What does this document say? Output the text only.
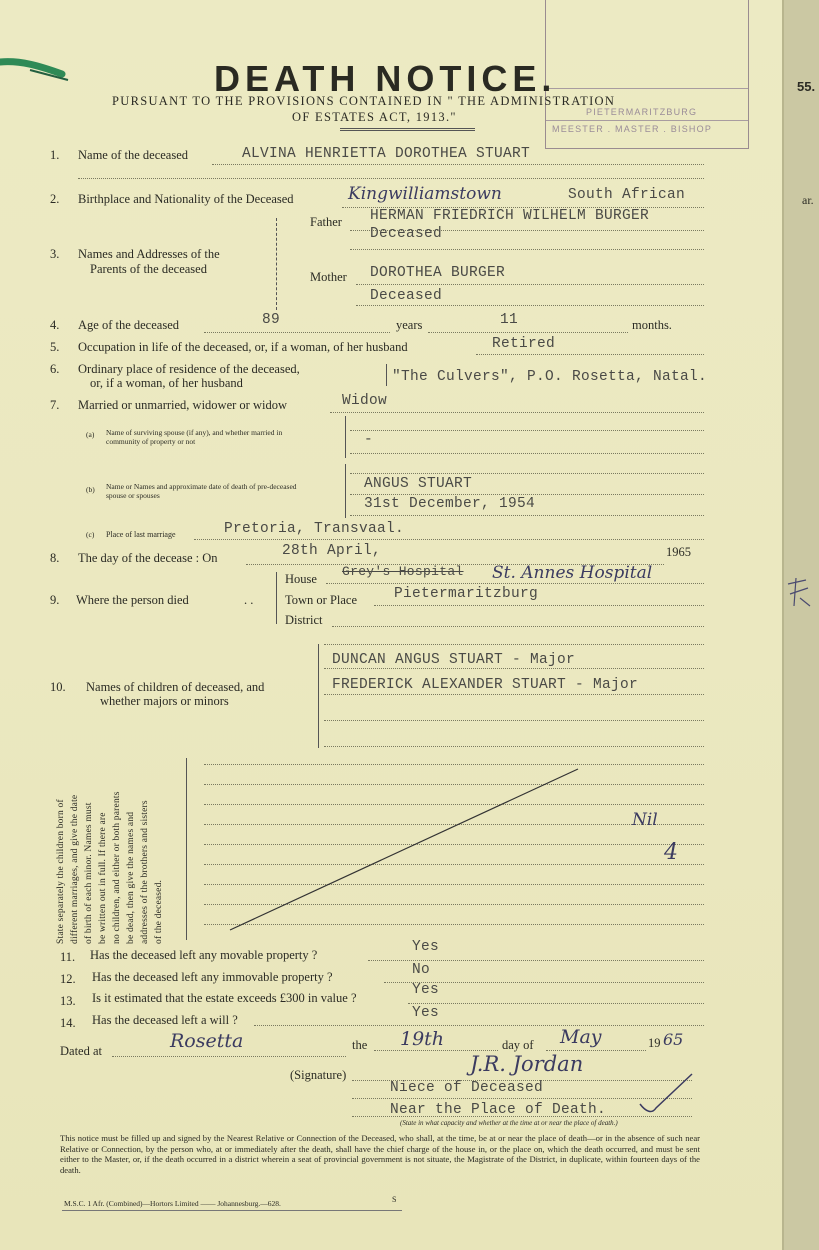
PIETERMARITZBURG
MEESTER . MASTER . BISHOP
55.
ar.
DEATH NOTICE.
PURSUANT TO THE PROVISIONS CONTAINED IN " THE ADMINISTRATION
OF ESTATES ACT, 1913."
1. Name of the deceased	ALVINA HENRIETTA DOROTHEA STUART
2. Birthplace and Nationality of the Deceased	Kingwilliamstown	South African
3. Names and Addresses of the
Parents of the deceased
Father HERMAN FRIEDRICH WILHELM BURGER
Deceased
Mother DOROTHEA BURGER
Deceased
4. Age of the deceased	89	years	11	months.
5. Occupation in life of the deceased, or, if a woman, of her husband	Retired
6. Ordinary place of residence of the deceased,
or, if a woman, of her husband	"The Culvers", P.O. Rosetta, Natal.
7. Married or unmarried, widower or widow	Widow
(a) Name of surviving spouse (if any), and whether married in community of property or not	-
(b) Name or Names and approximate date of death of pre-deceased spouse or spouses
ANGUS STUART
31st December, 1954
(c) Place of last marriage	Pretoria, Transvaal.
8. The day of the decease : On	28th April,	1965
9. Where the person died	. .
House Grey's Hospital St. Annes Hospital
Town or Place	Pietermaritzburg
District
10. Names of children of deceased, and
whether majors or minors
DUNCAN ANGUS STUART - Major
FREDERICK ALEXANDER STUART - Major
State separately the children born of different marriages, and give the date of birth of each minor. Names must be written out in full. If there are no children, and either or both parents be dead, then give the names and addresses of the brothers and sisters of the deceased.
Nil
4
11. Has the deceased left any movable property ?	Yes
12. Has the deceased left any immovable property ?	No
13. Is it estimated that the estate exceeds £300 in value ?	Yes
14. Has the deceased left a will ?	Yes
Dated at	Rosetta	the 19th	day of May	19 65
(Signature)	J.R. Jordan
Niece of Deceased
Near the Place of Death.
(State in what capacity and whether at the time at or near the place of death.)
This notice must be filled up and signed by the Nearest Relative or Connection of the Deceased, who shall, at the time, be at or near the place of death—or in the absence of such near Relative or Connection, by the person who, at or immediately after the death, shall have the chief charge of the house in, or the place on, which the death occurred, and must be sent either to the Master, or, if the death occurred in a district wherein a seat of provincial government is not situate, the Magistrate of the District, in duplicate, within fourteen days of the death.
M.S.C. 1 Afr. (Combined)—Hortors Limited —— Johannesburg.—628.	S
